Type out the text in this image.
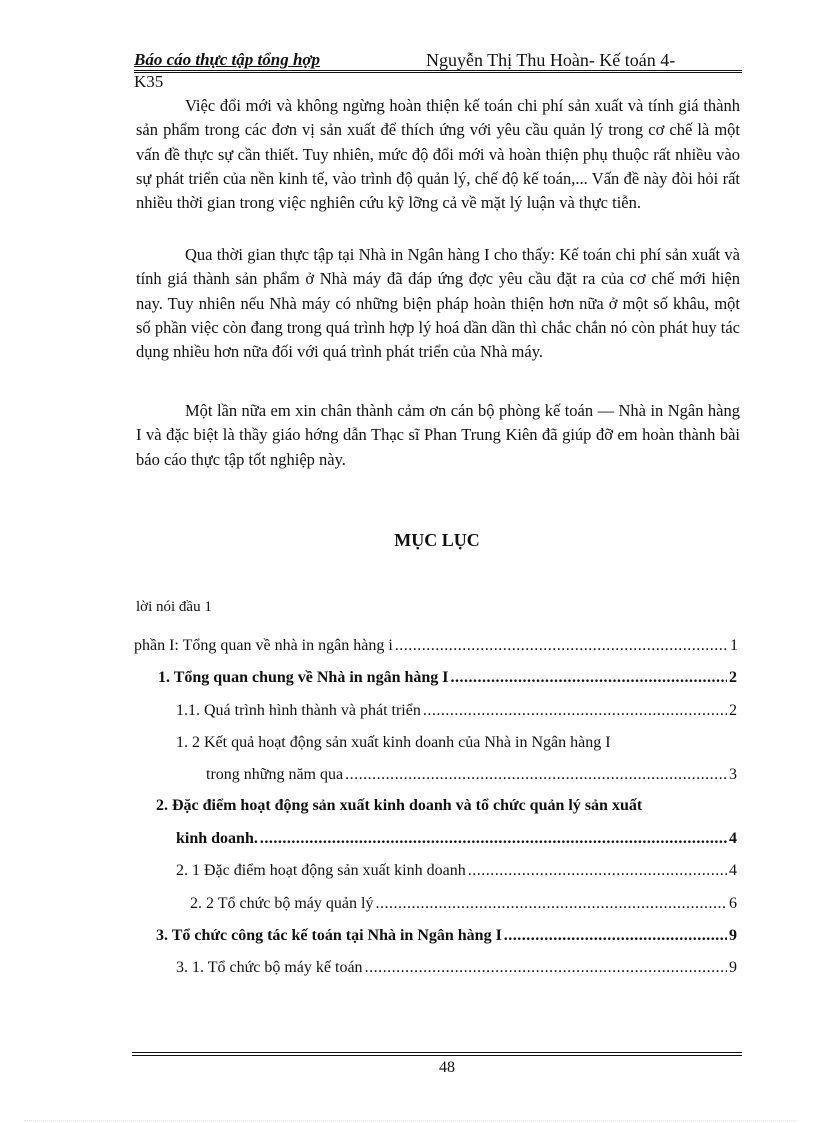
Báo cáo thực tập tổng hợp	Nguyễn Thị Thu Hoàn- Kế toán 4-
K35

Việc đổi mới và không ngừng hoàn thiện kế toán chi phí sản xuất và tính giá thành sản phẩm trong các đơn vị sản xuất để thích ứng với yêu cầu quản lý trong cơ chế là một vấn đề thực sự cần thiết. Tuy nhiên, mức độ đổi mới và hoàn thiện phụ thuộc rất nhiều vào sự phát triển của nền kinh tế, vào trình độ quản lý, chế độ kế toán,... Vấn đề này đòi hỏi rất nhiều thời gian trong việc nghiên cứu kỹ lỡng cả về mặt lý luận và thực tiễn.

Qua thời gian thực tập tại Nhà in Ngân hàng I cho thấy: Kế toán chi phí sản xuất và tính giá thành sản phẩm ở Nhà máy đã đáp ứng đợc yêu cầu đặt ra của cơ chế mới hiện nay. Tuy nhiên nếu Nhà máy có những biện pháp hoàn thiện hơn nữa ở một số khâu, một số phần việc còn đang trong quá trình hợp lý hoá dần dần thì chắc chắn nó còn phát huy tác dụng nhiều hơn nữa đối với quá trình phát triển của Nhà máy.

Một lần nữa em xin chân thành cảm ơn cán bộ phòng kế toán — Nhà in Ngân hàng I và đặc biệt là thầy giáo hớng dẫn Thạc sĩ Phan Trung Kiên đã giúp đỡ em hoàn thành bài báo cáo thực tập tốt nghiệp này.

MỤC LỤC
lời nói đầu 1
phần I: Tổng quan về nhà in ngân hàng i .....	1
1. Tổng quan chung về Nhà in ngân hàng I .....	2
1.1. Quá trình hình thành và phát triển .....	2
1. 2 Kết quả hoạt động sản xuất kinh doanh của Nhà in Ngân hàng I
trong những năm qua .....	3
2. Đặc điểm hoạt động sản xuất kinh doanh và tổ chức quản lý sản xuất
kinh doanh. .....	4
2. 1 Đặc điểm hoạt động sản xuất kinh doanh .....	4
2. 2 Tổ chức bộ máy quản lý .....	6
3. Tổ chức công tác kế toán tại Nhà in Ngân hàng I .....	9
3. 1. Tổ chức bộ máy kế toán .....	9
48
